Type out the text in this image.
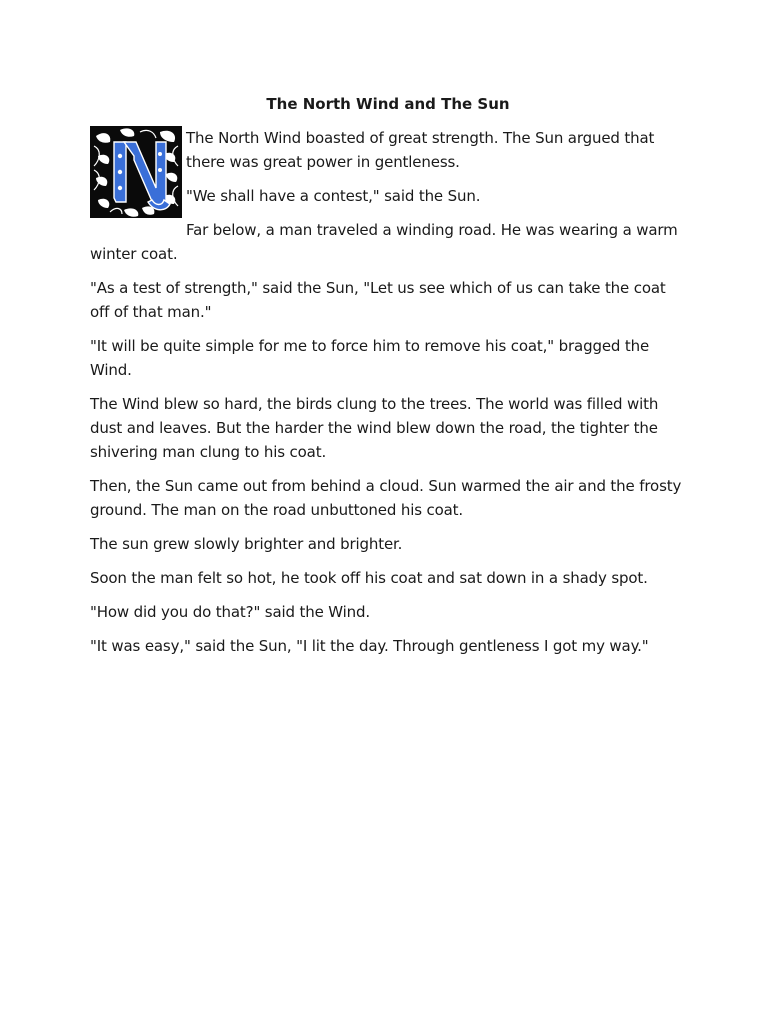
The North Wind and The Sun

The North Wind boasted of great strength. The Sun argued that there was great power in gentleness.

"We shall have a contest," said the Sun.

Far below, a man traveled a winding road. He was wearing a warm winter coat.

"As a test of strength," said the Sun, "Let us see which of us can take the coat off of that man."

"It will be quite simple for me to force him to remove his coat," bragged the Wind.

The Wind blew so hard, the birds clung to the trees. The world was filled with dust and leaves. But the harder the wind blew down the road, the tighter the shivering man clung to his coat.

Then, the Sun came out from behind a cloud. Sun warmed the air and the frosty ground. The man on the road unbuttoned his coat.

The sun grew slowly brighter and brighter.

Soon the man felt so hot, he took off his coat and sat down in a shady spot.

"How did you do that?" said the Wind.

"It was easy," said the Sun, "I lit the day. Through gentleness I got my way."
